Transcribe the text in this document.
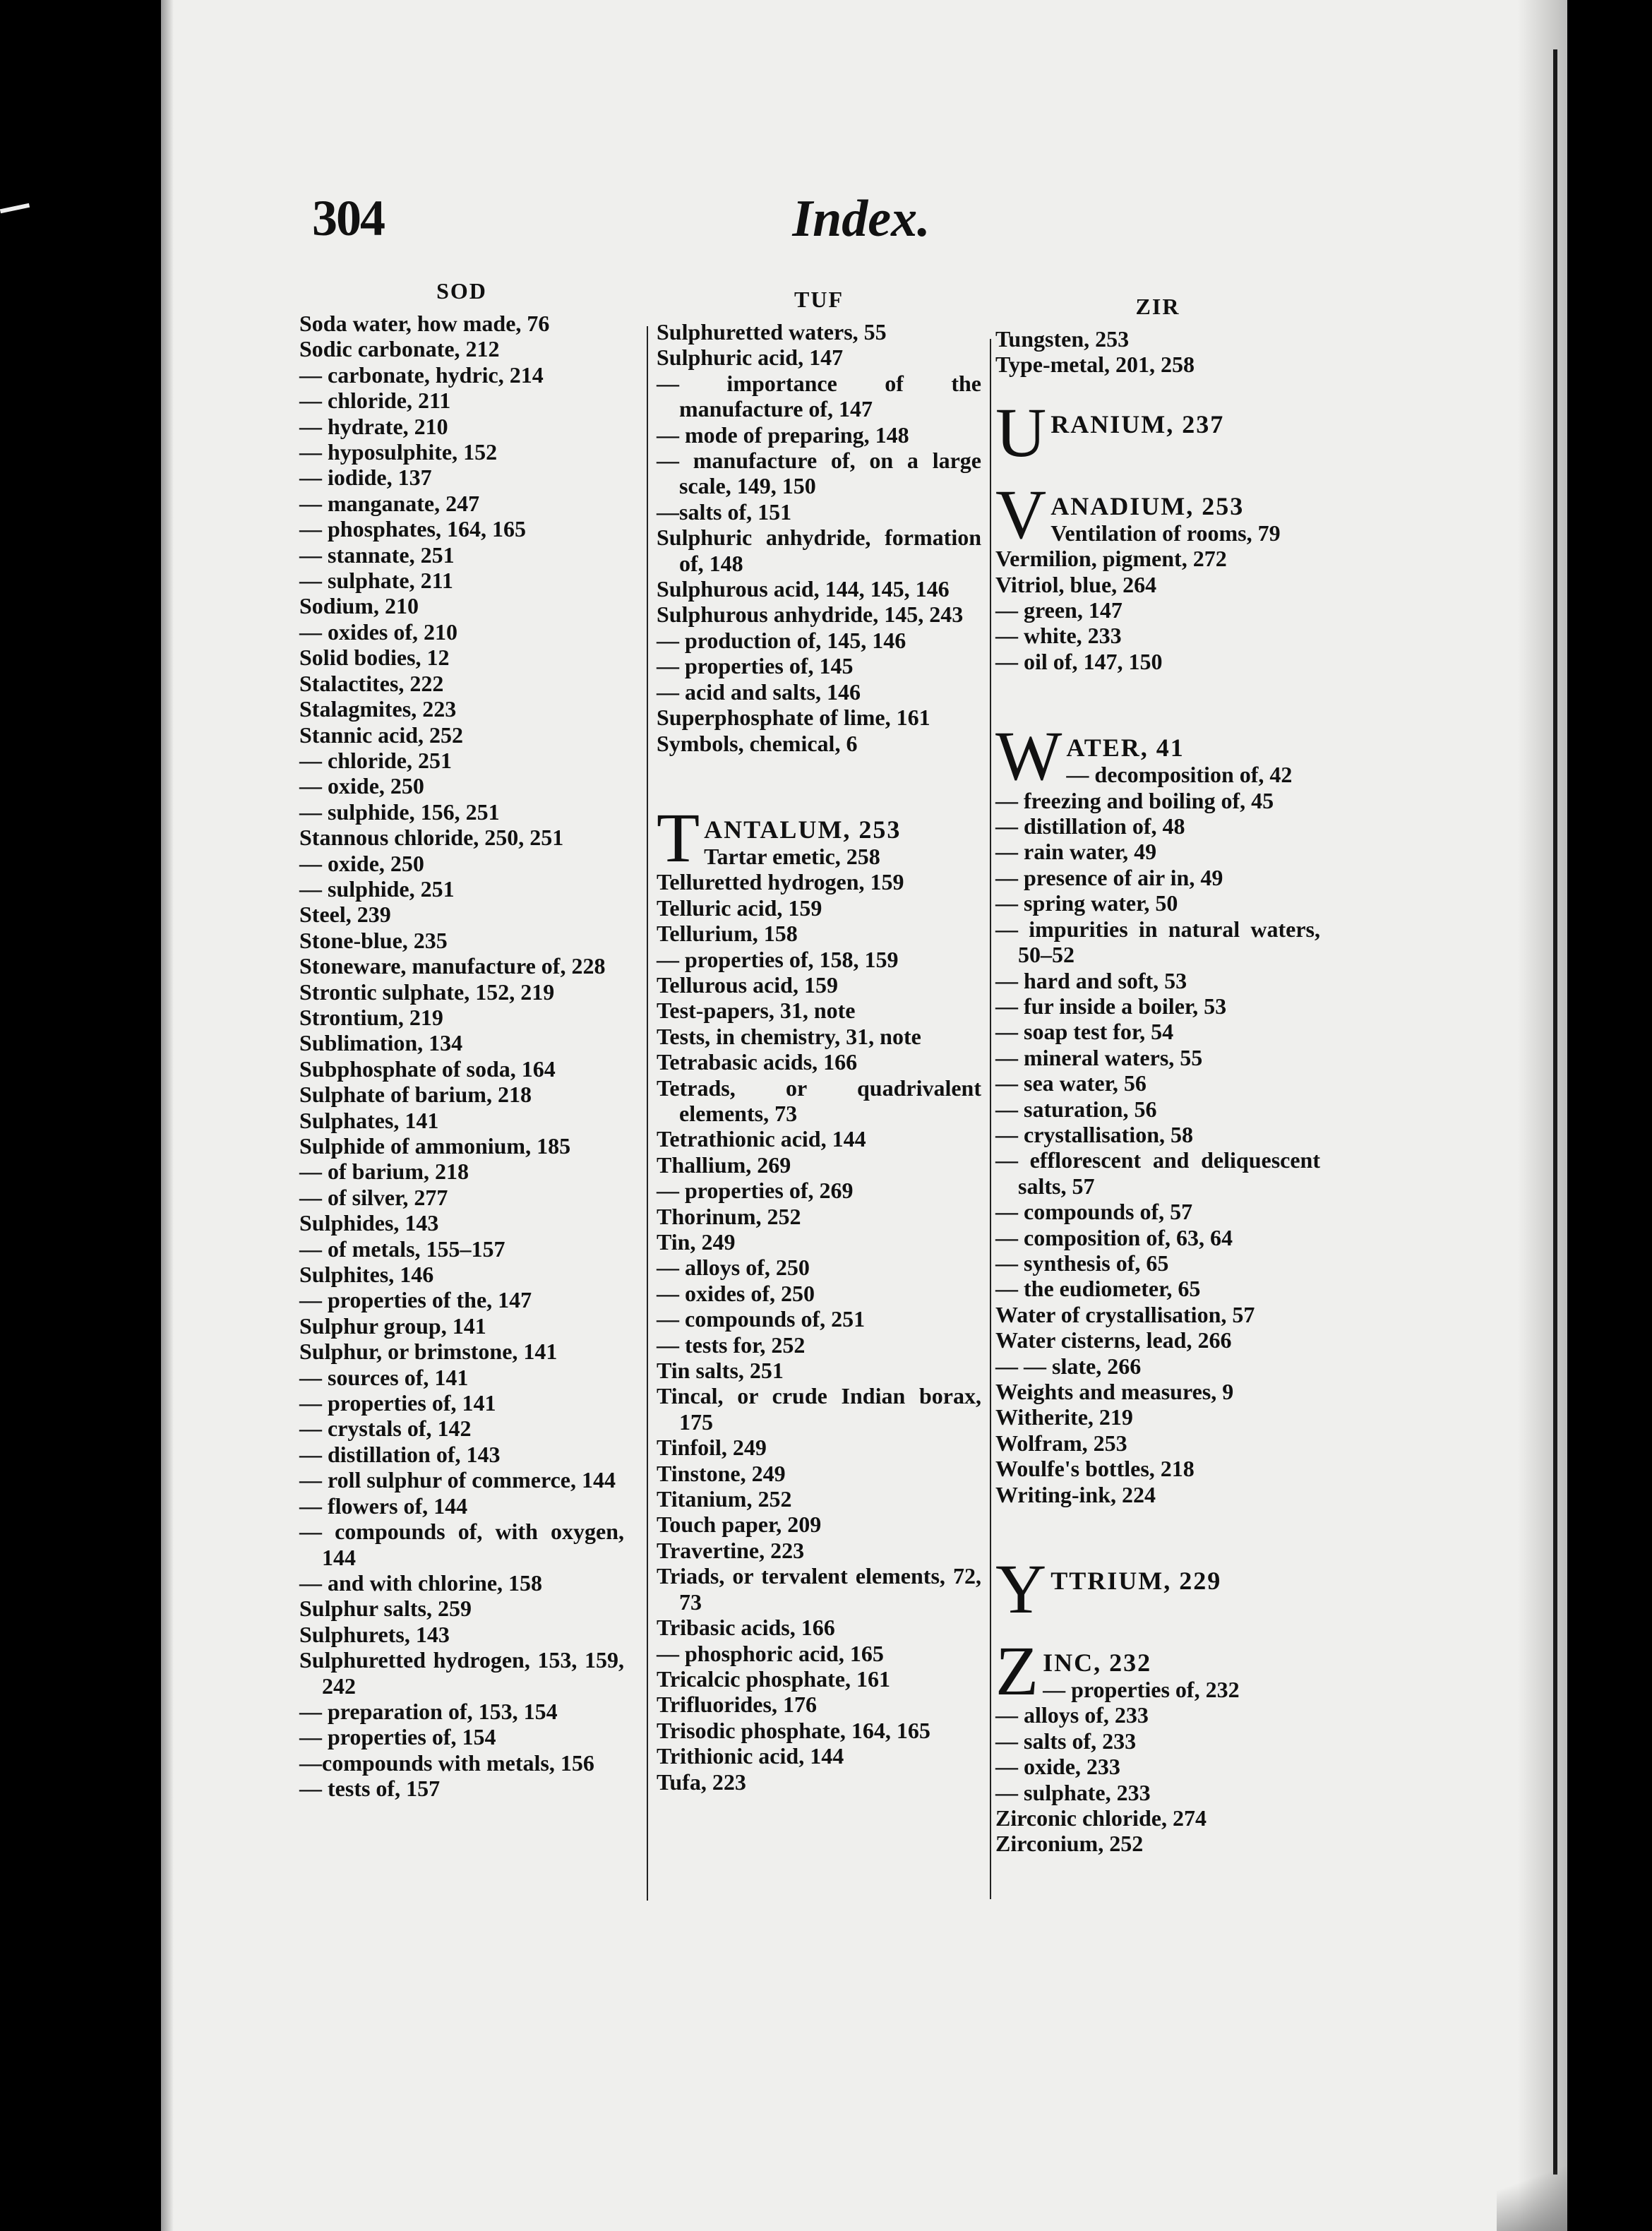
304	Index.
SOD
Soda water, how made, 76
Sodic carbonate, 212
— carbonate, hydric, 214
— chloride, 211
— hydrate, 210
— hyposulphite, 152
— iodide, 137
— manganate, 247
— phosphates, 164, 165
— stannate, 251
— sulphate, 211
Sodium, 210
— oxides of, 210
Solid bodies, 12
Stalactites, 222
Stalagmites, 223
Stannic acid, 252
— chloride, 251
— oxide, 250
— sulphide, 156, 251
Stannous chloride, 250, 251
— oxide, 250
— sulphide, 251
Steel, 239
Stone-blue, 235
Stoneware, manufacture of, 228
Strontic sulphate, 152, 219
Strontium, 219
Sublimation, 134
Subphosphate of soda, 164
Sulphate of barium, 218
Sulphates, 141
Sulphide of ammonium, 185
— of barium, 218
— of silver, 277
Sulphides, 143
— of metals, 155–157
Sulphites, 146
— properties of the, 147
Sulphur group, 141
Sulphur, or brimstone, 141
— sources of, 141
— properties of, 141
— crystals of, 142
— distillation of, 143
— roll sulphur of commerce, 144
— flowers of, 144
— compounds of, with oxygen, 144
— and with chlorine, 158
Sulphur salts, 259
Sulphurets, 143
Sulphuretted hydrogen, 153, 159, 242
— preparation of, 153, 154
— properties of, 154
—compounds with metals, 156
— tests of, 157
TUF
Sulphuretted waters, 55
Sulphuric acid, 147
— importance of the manufacture of, 147
— mode of preparing, 148
— manufacture of, on a large scale, 149, 150
—salts of, 151
Sulphuric anhydride, formation of, 148
Sulphurous acid, 144, 145, 146
Sulphurous anhydride, 145, 243
— production of, 145, 146
— properties of, 145
— acid and salts, 146
Superphosphate of lime, 161
Symbols, chemical, 6
T ANTALUM, 253
Tartar emetic, 258
Telluretted hydrogen, 159
Telluric acid, 159
Tellurium, 158
— properties of, 158, 159
Tellurous acid, 159
Test-papers, 31, note
Tests, in chemistry, 31, note
Tetrabasic acids, 166
Tetrads, or quadrivalent elements, 73
Tetrathionic acid, 144
Thallium, 269
— properties of, 269
Thorinum, 252
Tin, 249
— alloys of, 250
— oxides of, 250
— compounds of, 251
— tests for, 252
Tin salts, 251
Tincal, or crude Indian borax, 175
Tinfoil, 249
Tinstone, 249
Titanium, 252
Touch paper, 209
Travertine, 223
Triads, or tervalent elements, 72, 73
Tribasic acids, 166
— phosphoric acid, 165
Tricalcic phosphate, 161
Trifluorides, 176
Trisodic phosphate, 164, 165
Trithionic acid, 144
Tufa, 223
ZIR
Tungsten, 253
Type-metal, 201, 258
U RANIUM, 237
V ANADIUM, 253
Ventilation of rooms, 79
Vermilion, pigment, 272
Vitriol, blue, 264
— green, 147
— white, 233
— oil of, 147, 150
W ATER, 41
— decomposition of, 42
— freezing and boiling of, 45
— distillation of, 48
— rain water, 49
— presence of air in, 49
— spring water, 50
— impurities in natural waters, 50–52
— hard and soft, 53
— fur inside a boiler, 53
— soap test for, 54
— mineral waters, 55
— sea water, 56
— saturation, 56
— crystallisation, 58
— efflorescent and deliquescent salts, 57
— compounds of, 57
— composition of, 63, 64
— synthesis of, 65
— the eudiometer, 65
Water of crystallisation, 57
Water cisterns, lead, 266
— — slate, 266
Weights and measures, 9
Witherite, 219
Wolfram, 253
Woulfe's bottles, 218
Writing-ink, 224
Y TTRIUM, 229
Z INC, 232
— properties of, 232
— alloys of, 233
— salts of, 233
— oxide, 233
— sulphate, 233
Zirconic chloride, 274
Zirconium, 252
